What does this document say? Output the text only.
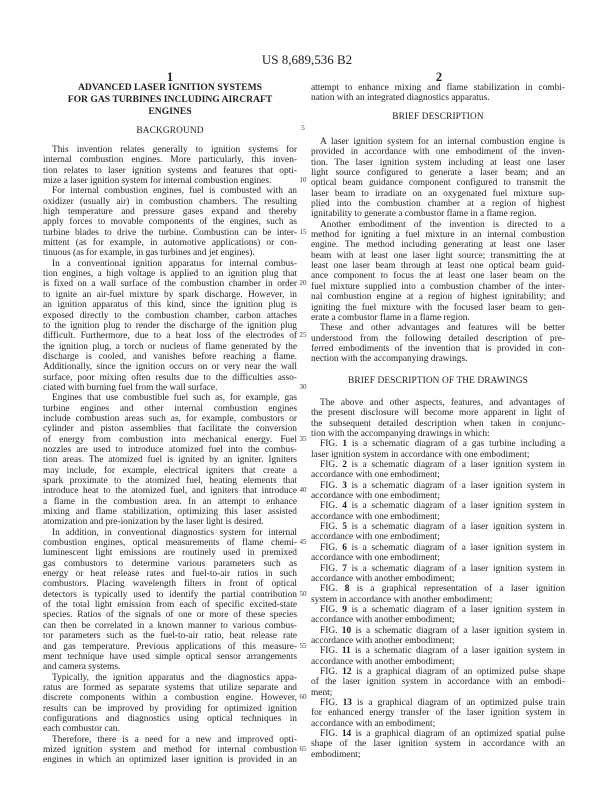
US 8,689,536 B2
1	2
ADVANCED LASER IGNITION SYSTEMS
FOR GAS TURBINES INCLUDING AIRCRAFT
ENGINES
BACKGROUND
This invention relates generally to ignition systems for
internal combustion engines. More particularly, this inven-
tion relates to laser ignition systems and features that opti-
mize a laser ignition system for internal combustion engines.
For internal combustion engines, fuel is combusted with an
oxidizer (usually air) in combustion chambers. The resulting
high temperature and pressure gases expand and thereby
apply forces to movable components of the engines, such as
turbine blades to drive the turbine. Combustion can be inter-
mittent (as for example, in automotive applications) or con-
tinuous (as for example, in gas turbines and jet engines).
In a conventional ignition apparatus for internal combus-
tion engines, a high voltage is applied to an ignition plug that
is fixed on a wall surface of the combustion chamber in order
to ignite an air-fuel mixture by spark discharge. However, in
an ignition apparatus of this kind, since the ignition plug is
exposed directly to the combustion chamber, carbon attaches
to the ignition plug to render the discharge of the ignition plug
difficult. Furthermore, due to a heat loss of the electrodes of
the ignition plug, a torch or nucleus of flame generated by the
discharge is cooled, and vanishes before reaching a flame.
Additionally, since the ignition occurs on or very near the wall
surface, poor mixing often results due to the difficulties asso-
ciated with burning fuel from the wall surface.
Engines that use combustible fuel such as, for example, gas
turbine engines and other internal combustion engines
include combustion areas such as, for example, combustors or
cylinder and piston assemblies that facilitate the conversion
of energy from combustion into mechanical energy. Fuel
nozzles are used to introduce atomized fuel into the combus-
tion areas. The atomized fuel is ignited by an igniter. Igniters
may include, for example, electrical igniters that create a
spark proximate to the atomized fuel, heating elements that
introduce heat to the atomized fuel, and igniters that introduce
a flame in the combustion area. In an attempt to enhance
mixing and flame stabilization, optimizing this laser assisted
atomization and pre-ionization by the laser light is desired.
In addition, in conventional diagnostics system for internal
combustion engines, optical measurements of flame chemi-
luminescent light emissions are routinely used in premixed
gas combustors to determine various parameters such as
energy or heat release rates and fuel-to-air ratios in such
combustors. Placing wavelength filters in front of optical
detectors is typically used to identify the partial contribution
of the total light emission from each of specific excited-state
species. Ratios of the signals of one or more of these species
can then be correlated in a known manner to various combus-
tor parameters such as the fuel-to-air ratio, heat release rate
and gas temperature. Previous applications of this measure-
ment technique have used simple optical sensor arrangements
and camera systems.
Typically, the ignition apparatus and the diagnostics appa-
ratus are formed as separate systems that utilize separate and
discrete components within a combustion engine. However,
results can be improved by providing for optimized ignition
configurations and diagnostics using optical techniques in
each combustor can.
Therefore, there is a need for a new and improved opti-
mized ignition system and method for internal combustion
engines in which an optimized laser ignition is provided in an
attempt to enhance mixing and flame stabilization in combi-
nation with an integrated diagnostics apparatus.
BRIEF DESCRIPTION
A laser ignition system for an internal combustion engine is
provided in accordance with one embodiment of the inven-
tion. The laser ignition system including at least one laser
light source configured to generate a laser beam; and an
optical beam guidance component configured to transmit the
laser beam to irradiate on an oxygenated fuel mixture sup-
plied into the combustion chamber at a region of highest
ignitability to generate a combustor flame in a flame region.
Another embodiment of the invention is directed to a
method for igniting a fuel mixture in an internal combustion
engine. The method including generating at least one laser
beam with at least one laser light source; transmitting the at
least one laser beam through at least one optical beam guid-
ance component to focus the at least one laser beam on the
fuel mixture supplied into a combustion chamber of the inter-
nal combustion engine at a region of highest ignitability; and
igniting the fuel mixture with the focused laser beam to gen-
erate a combustor flame in a flame region.
These and other advantages and features will be better
understood from the following detailed description of pre-
ferred embodiments of the invention that is provided in con-
nection with the accompanying drawings.
BRIEF DESCRIPTION OF THE DRAWINGS
The above and other aspects, features, and advantages of
the present disclosure will become more apparent in light of
the subsequent detailed description when taken in conjunc-
tion with the accompanying drawings in which:
FIG. 1 is a schematic diagram of a gas turbine including a
laser ignition system in accordance with one embodiment;
FIG. 2 is a schematic diagram of a laser ignition system in
accordance with one embodiment;
FIG. 3 is a schematic diagram of a laser ignition system in
accordance with one embodiment;
FIG. 4 is a schematic diagram of a laser ignition system in
accordance with one embodiment;
FIG. 5 is a schematic diagram of a laser ignition system in
accordance with one embodiment;
FIG. 6 is a schematic diagram of a laser ignition system in
accordance with one embodiment;
FIG. 7 is a schematic diagram of a laser ignition system in
accordance with another embodiment;
FIG. 8 is a graphical representation of a laser ignition
system in accordance with another embodiment;
FIG. 9 is a schematic diagram of a laser ignition system in
accordance with another embodiment;
FIG. 10 is a schematic diagram of a laser ignition system in
accordance with another embodiment;
FIG. 11 is a schematic diagram of a laser ignition system in
accordance with another embodiment;
FIG. 12 is a graphical diagram of an optimized pulse shape
of the laser ignition system in accordance with an embodi-
ment;
FIG. 13 is a graphical diagram of an optimized pulse train
for enhanced energy transfer of the laser ignition system in
accordance with an embodiment;
FIG. 14 is a graphical diagram of an optimized spatial pulse
shape of the laser ignition system in accordance with an
embodiment;
5
10
15
20
25
30
35
40
45
50
55
60
65
